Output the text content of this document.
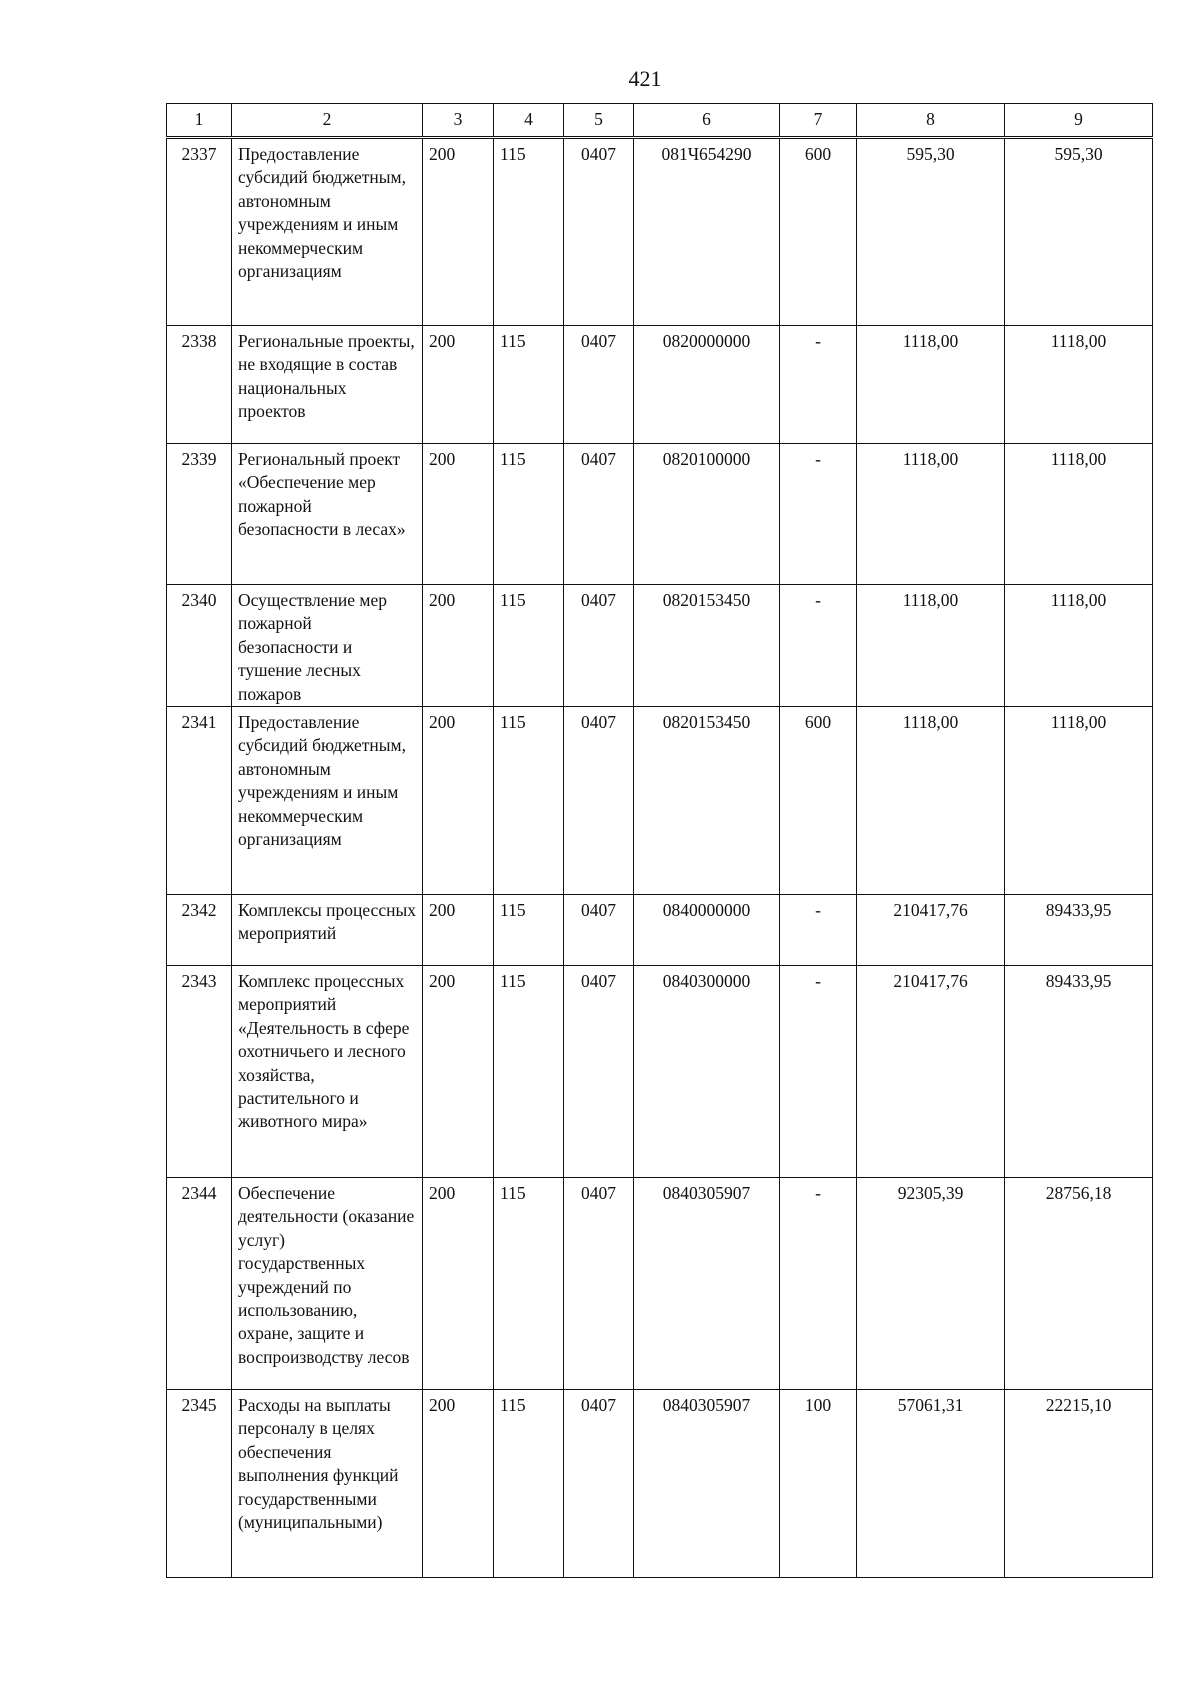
421
1	2	3	4	5	6	7	8	9
2337	Предоставление субсидий бюджетным, автономным учреждениям и иным некоммерческим организациям	200	115	0407	081Ч654290	600	595,30	595,30
2338	Региональные проекты, не входящие в состав национальных проектов	200	115	0407	0820000000	-	1118,00	1118,00
2339	Региональный проект «Обеспечение мер пожарной безопасности в лесах»	200	115	0407	0820100000	-	1118,00	1118,00
2340	Осуществление мер пожарной безопасности и тушение лесных пожаров	200	115	0407	0820153450	-	1118,00	1118,00
2341	Предоставление субсидий бюджетным, автономным учреждениям и иным некоммерческим организациям	200	115	0407	0820153450	600	1118,00	1118,00
2342	Комплексы процессных мероприятий	200	115	0407	0840000000	-	210417,76	89433,95
2343	Комплекс процессных мероприятий «Деятельность в сфере охотничьего и лесного хозяйства, растительного и животного мира»	200	115	0407	0840300000	-	210417,76	89433,95
2344	Обеспечение деятельности (оказание услуг) государственных учреждений по использованию, охране, защите и воспроизводству лесов	200	115	0407	0840305907	-	92305,39	28756,18
2345	Расходы на выплаты персоналу в целях обеспечения выполнения функций государственными (муниципальными)	200	115	0407	0840305907	100	57061,31	22215,10
